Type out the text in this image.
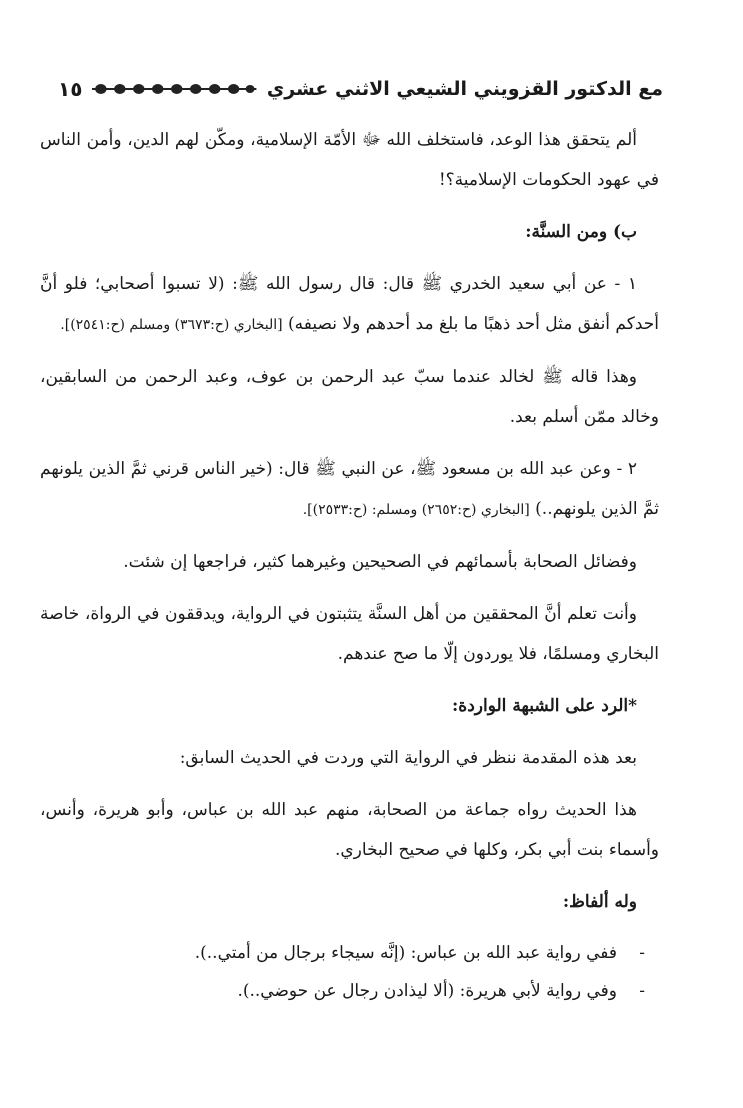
مع الدكتور القزويني الشيعي الاثني عشري
١٥

ألم يتحقق هذا الوعد، فاستخلف الله ﷻ الأمّة الإسلامية، ومكّن لهم الدين، وأمن الناس في عهود الحكومات الإسلامية؟!

ب) ومن السنَّة:

١ - عن أبي سعيد الخدري ﷺ قال: قال رسول الله ﷺ: (لا تسبوا أصحابي؛ فلو أنَّ أحدكم أنفق مثل أحد ذهبًا ما بلغ مد أحدهم ولا نصيفه) [البخاري (ح:٣٦٧٣) ومسلم (ح:٢٥٤١)].

وهذا قاله ﷺ لخالد عندما سبّ عبد الرحمن بن عوف، وعبد الرحمن من السابقين، وخالد ممّن أسلم بعد.

٢ - وعن عبد الله بن مسعود ﷺ، عن النبي ﷺ قال: (خير الناس قرني ثمَّ الذين يلونهم ثمَّ الذين يلونهم..) [البخاري (ح:٢٦٥٢) ومسلم: (ح:٢٥٣٣)].

وفضائل الصحابة بأسمائهم في الصحيحين وغيرهما كثير، فراجعها إن شئت.

وأنت تعلم أنَّ المحققين من أهل السنَّة يتثبتون في الرواية، ويدققون في الرواة، خاصة البخاري ومسلمًا، فلا يوردون إلّا ما صح عندهم.

*الرد على الشبهة الواردة:

بعد هذه المقدمة ننظر في الرواية التي وردت في الحديث السابق:

هذا الحديث رواه جماعة من الصحابة، منهم عبد الله بن عباس، وأبو هريرة، وأنس، وأسماء بنت أبي بكر، وكلها في صحيح البخاري.

وله ألفاظ:

-
ففي رواية عبد الله بن عباس: (إنَّه سيجاء برجال من أمتي..).
-
وفي رواية لأبي هريرة: (ألا ليذادن رجال عن حوضي..).
